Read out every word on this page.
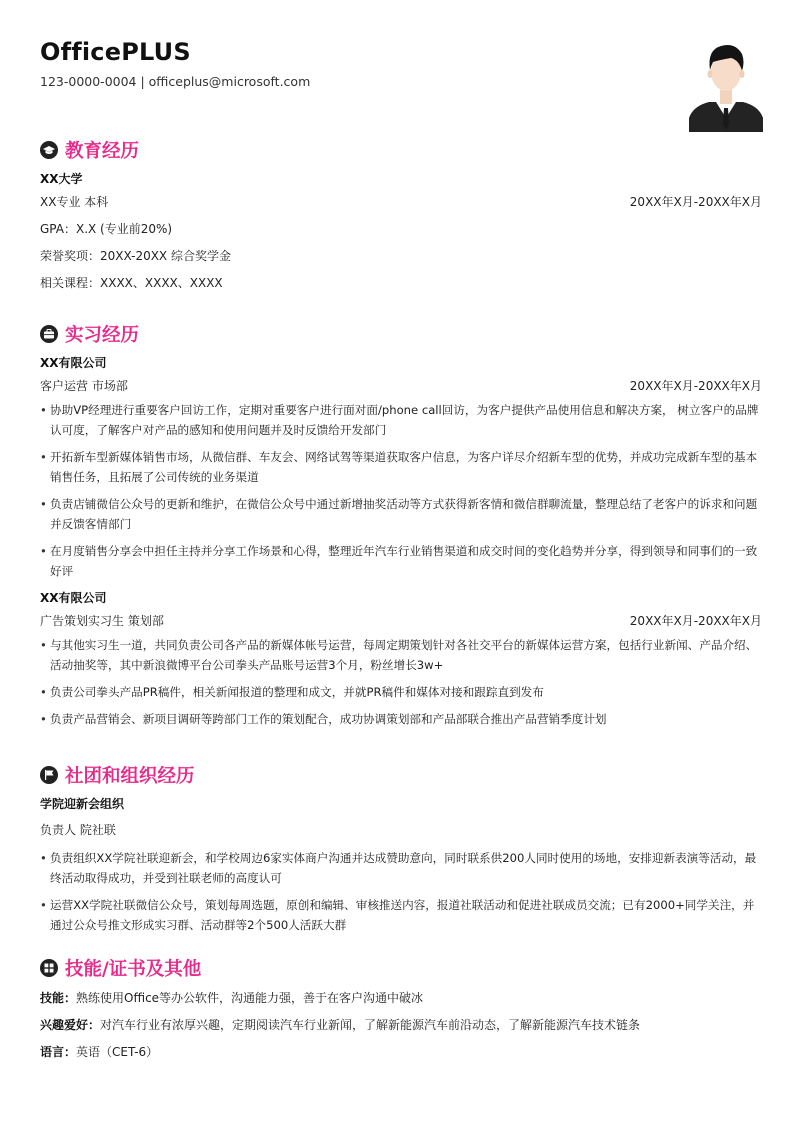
OfficePLUS
123-0000-0004 | officeplus@microsoft.com
教育经历
XX大学
XX专业 本科	20XX年X月-20XX年X月
GPA：X.X (专业前20%)
荣誉奖项：20XX-20XX 综合奖学金
相关课程：XXXX、XXXX、XXXX
实习经历
XX有限公司
客户运营 市场部	20XX年X月-20XX年X月
• 协助VP经理进行重要客户回访工作，定期对重要客户进行面对面/phone call回访，为客户提供产品使用信息和解决方案， 树立客户的品牌认可度，了解客户对产品的感知和使用问题并及时反馈给开发部门
• 开拓新车型新媒体销售市场，从微信群、车友会、网络试驾等渠道获取客户信息，为客户详尽介绍新车型的优势，并成功完成新车型的基本销售任务，且拓展了公司传统的业务渠道
• 负责店铺微信公众号的更新和维护，在微信公众号中通过新增抽奖活动等方式获得新客情和微信群聊流量，整理总结了老客户的诉求和问题并反馈客情部门
• 在月度销售分享会中担任主持并分享工作场景和心得，整理近年汽车行业销售渠道和成交时间的变化趋势并分享，得到领导和同事们的一致好评
XX有限公司
广告策划实习生 策划部	20XX年X月-20XX年X月
• 与其他实习生一道，共同负责公司各产品的新媒体帐号运营，每周定期策划针对各社交平台的新媒体运营方案，包括行业新闻、产品介绍、活动抽奖等，其中新浪微博平台公司拳头产品账号运营3个月，粉丝增长3w+
• 负责公司拳头产品PR稿件，相关新闻报道的整理和成文，并就PR稿件和媒体对接和跟踪直到发布
• 负责产品营销会、新项目调研等跨部门工作的策划配合，成功协调策划部和产品部联合推出产品营销季度计划
社团和组织经历
学院迎新会组织
负责人 院社联
• 负责组织XX学院社联迎新会，和学校周边6家实体商户沟通并达成赞助意向，同时联系供200人同时使用的场地，安排迎新表演等活动，最终活动取得成功，并受到社联老师的高度认可
• 运营XX学院社联微信公众号，策划每周选题，原创和编辑、审核推送内容，报道社联活动和促进社联成员交流；已有2000+同学关注，并通过公众号推文形成实习群、活动群等2个500人活跃大群
技能/证书及其他
技能：熟练使用Office等办公软件，沟通能力强，善于在客户沟通中破冰
兴趣爱好：对汽车行业有浓厚兴趣，定期阅读汽车行业新闻，了解新能源汽车前沿动态，了解新能源汽车技术链条
语言：英语（CET-6）
